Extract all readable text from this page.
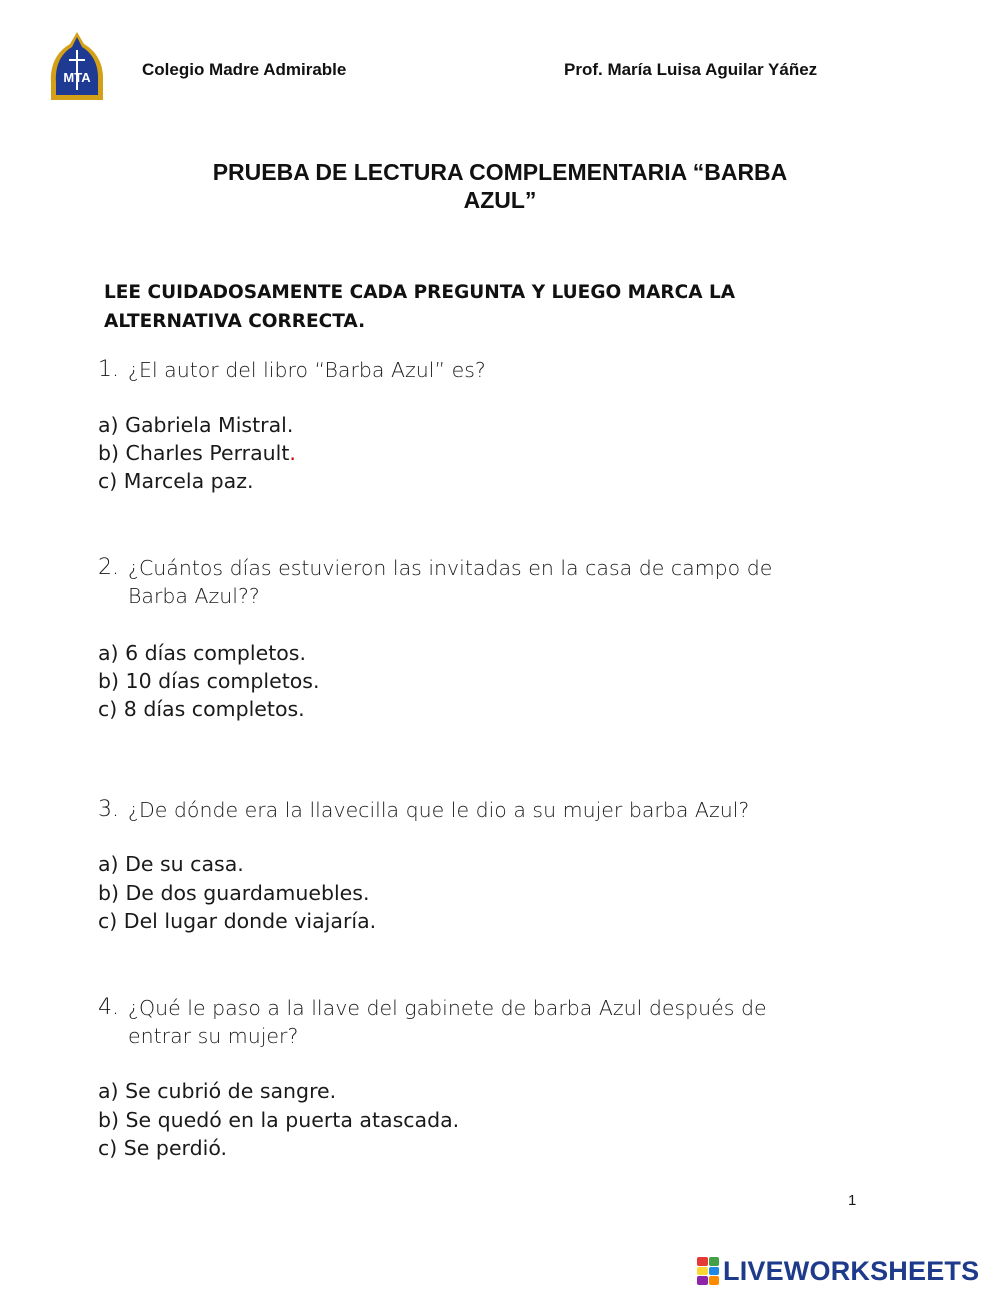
MTA	Colegio Madre Admirable	Prof. María Luisa Aguilar Yáñez
PRUEBA DE LECTURA COMPLEMENTARIA “BARBA
AZUL”
LEE CUIDADOSAMENTE CADA PREGUNTA Y LUEGO MARCA LA
ALTERNATIVA CORRECTA.
1. ¿El autor del libro “Barba Azul” es?
a) Gabriela Mistral.
b) Charles Perrault.
c) Marcela paz.
2. ¿Cuántos días estuvieron las invitadas en la casa de campo de
Barba Azul??
a) 6 días completos.
b) 10 días completos.
c) 8 días completos.
3. ¿De dónde era la llavecilla que le dio a su mujer barba Azul?
a) De su casa.
b) De dos guardamuebles.
c) Del lugar donde viajaría.
4. ¿Qué le paso a la llave del gabinete de barba Azul después de
entrar su mujer?
a) Se cubrió de sangre.
b) Se quedó en la puerta atascada.
c) Se perdió.
1
LIVEWORKSHEETS
